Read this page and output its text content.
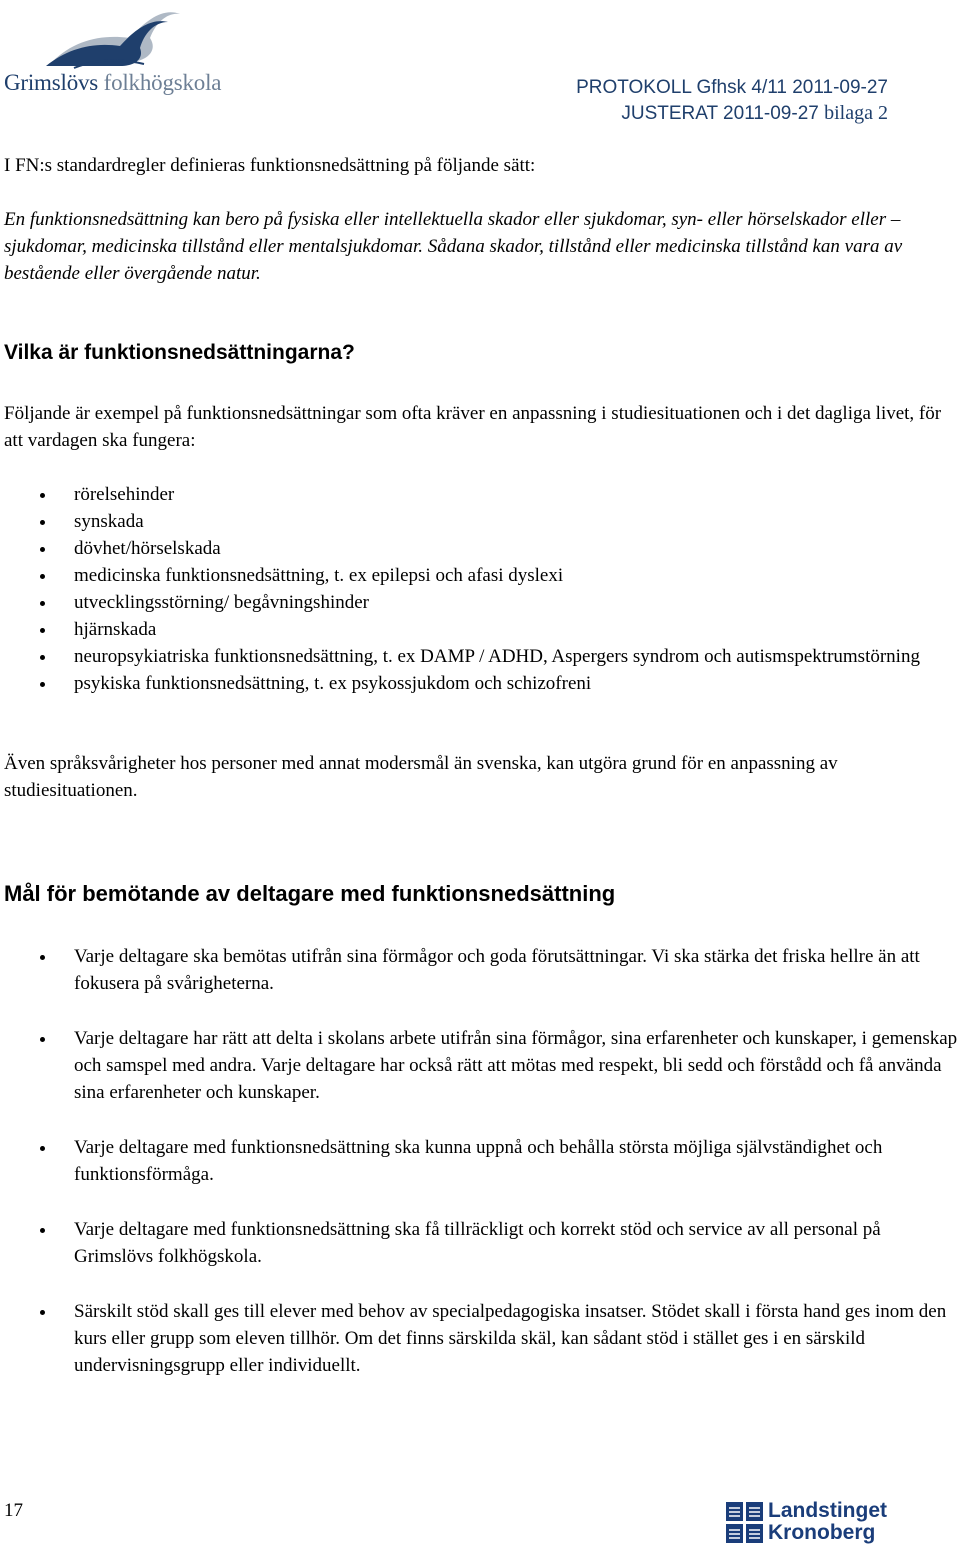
Grimslövs folkhögskola	PROTOKOLL Gfhsk 4/11 2011-09-27
JUSTERAT 2011-09-27 bilaga 2

I FN:s standardregler definieras funktionsnedsättning på följande sätt:

En funktionsnedsättning kan bero på fysiska eller intellektuella skador eller sjukdomar, syn- eller hörselskador eller –sjukdomar, medicinska tillstånd eller mentalsjukdomar. Sådana skador, tillstånd eller medicinska tillstånd kan vara av bestående eller övergående natur.

Vilka är funktionsnedsättningarna?

Följande är exempel på funktionsnedsättningar som ofta kräver en anpassning i studiesituationen och i det dagliga livet, för att vardagen ska fungera:

rörelsehinder
synskada
dövhet/hörselskada
medicinska funktionsnedsättning, t. ex epilepsi och afasi dyslexi
utvecklingsstörning/ begåvningshinder
hjärnskada
neuropsykiatriska funktionsnedsättning, t. ex DAMP / ADHD, Aspergers syndrom och autismspektrumstörning
psykiska funktionsnedsättning, t. ex psykossjukdom och schizofreni

Även språksvårigheter hos personer med annat modersmål än svenska, kan utgöra grund för en anpassning av studiesituationen.

Mål för bemötande av deltagare med funktionsnedsättning
Varje deltagare ska bemötas utifrån sina förmågor och goda förutsättningar. Vi ska stärka det friska hellre än att fokusera på svårigheterna.
Varje deltagare har rätt att delta i skolans arbete utifrån sina förmågor, sina erfarenheter och kunskaper, i gemenskap och samspel med andra. Varje deltagare har också rätt att mötas med respekt, bli sedd och förstådd och få använda sina erfarenheter och kunskaper.
Varje deltagare med funktionsnedsättning ska kunna uppnå och behålla största möjliga självständighet och funktionsförmåga.
Varje deltagare med funktionsnedsättning ska få tillräckligt och korrekt stöd och service av all personal på Grimslövs folkhögskola.
Särskilt stöd skall ges till elever med behov av specialpedagogiska insatser. Stödet skall i första hand ges inom den kurs eller grupp som eleven tillhör. Om det finns särskilda skäl, kan sådant stöd i stället ges i en särskild undervisningsgrupp eller individuellt.
17	Landstinget
Kronoberg
